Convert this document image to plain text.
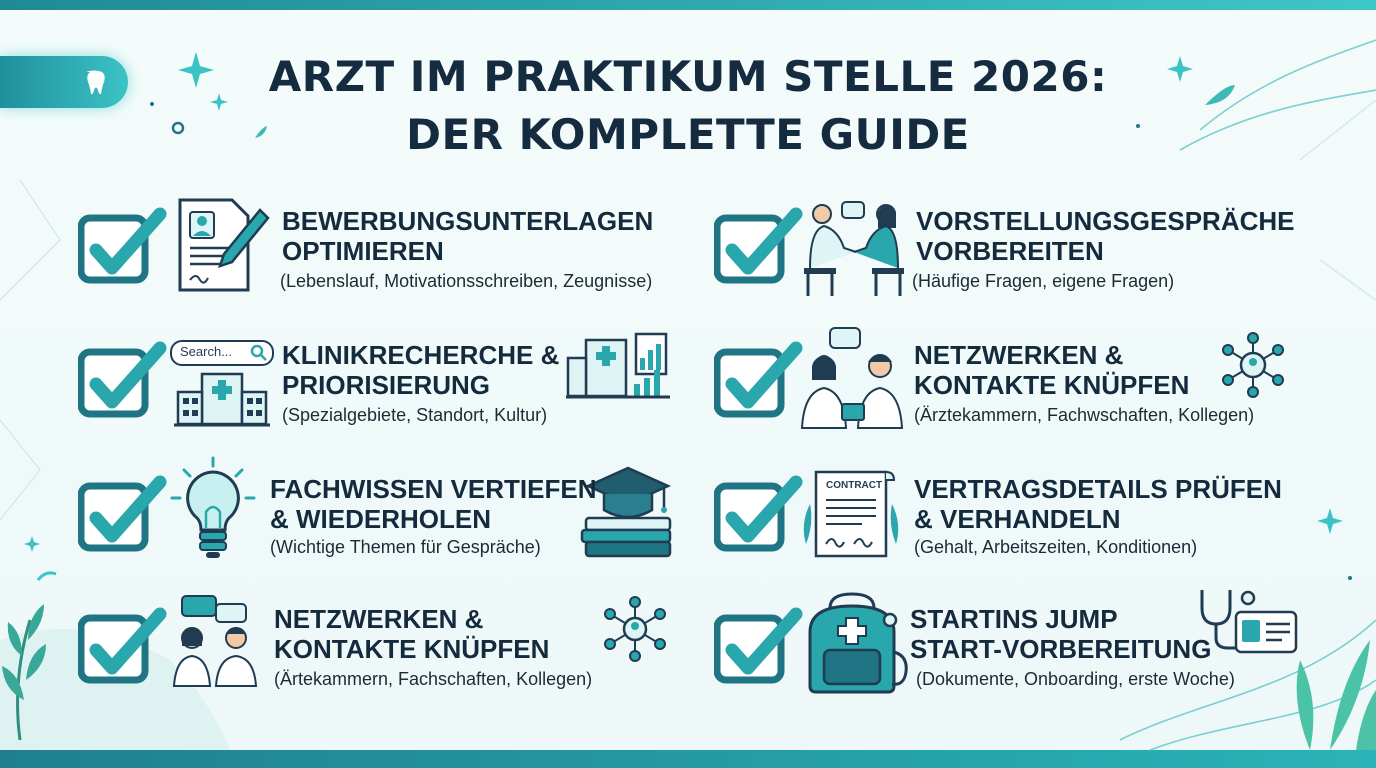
ARZT IM PRAKTIKUM STELLE 2026:
DER KOMPLETTE GUIDE
BEWERBUNGSUNTERLAGEN
OPTIMIEREN
(Lebenslauf, Motivationsschreiben, Zeugnisse)
Search... KLINIKRECHERCHE &
PRIORISIERUNG
(Spezialgebiete, Standort, Kultur)
FACHWISSEN VERTIEFEN
& WIEDERHOLEN
(Wichtige Themen für Gespräche)
NETZWERKEN &
KONTAKTE KNÜPFEN
(Ärtekammern, Fachschaften, Kollegen)
VORSTELLUNGSGESPRÄCHE
VORBEREITEN
(Häufige Fragen, eigene Fragen)
NETZWERKEN &
KONTAKTE KNÜPFEN
(Ärztekammern, Fachwschaften, Kollegen)
CONTRACT VERTRAGSDETAILS PRÜFEN
& VERHANDELN
(Gehalt, Arbeitszeiten, Konditionen)
STARTINS JUMP
START-VORBEREITUNG
(Dokumente, Onboarding, erste Woche)
